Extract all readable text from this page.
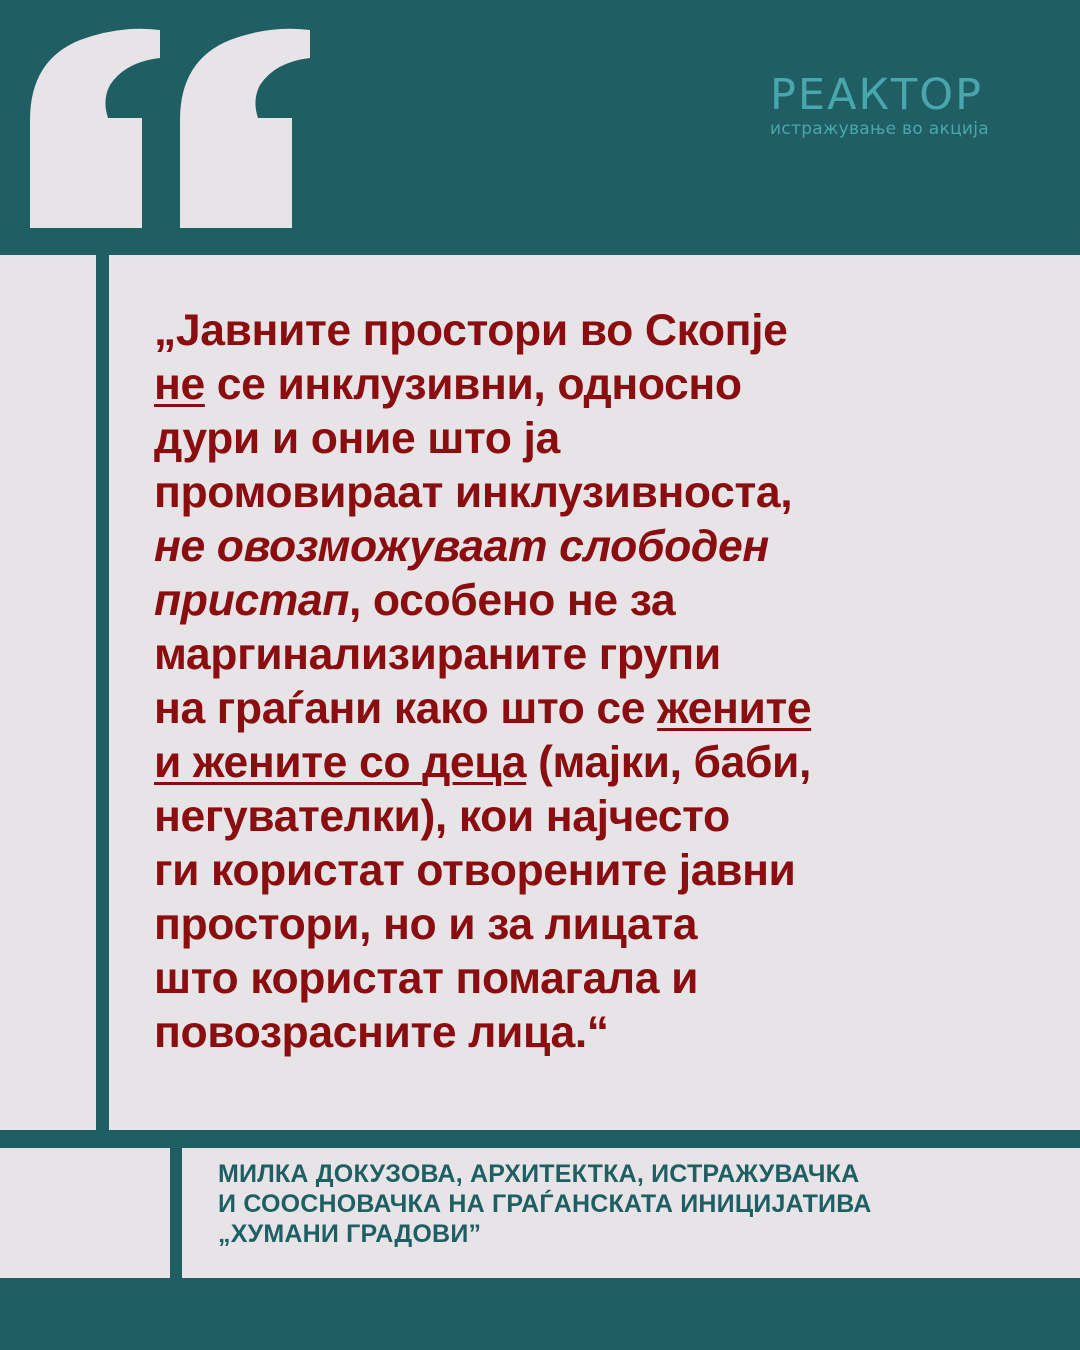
РЕАКТОР
истражување во акција
„Јавните простори во Скопје
не се инклузивни, односно
дури и оние што ја
промовираат инклузивноста,
не овозможуваат слободен
пристап, особено не за
маргинализираните групи
на граѓани како што се жените
и жените со деца (мајки, баби,
негувателки), кои најчесто
ги користат отворените јавни
простори, но и за лицата
што користат помагала и
повозрасните лица.“
МИЛКА ДОКУЗОВА, АРХИТЕКТКА, ИСТРАЖУВАЧКА
И СООСНОВАЧКА НА ГРАЃАНСКАТА ИНИЦИЈАТИВА
„ХУМАНИ ГРАДОВИ”
